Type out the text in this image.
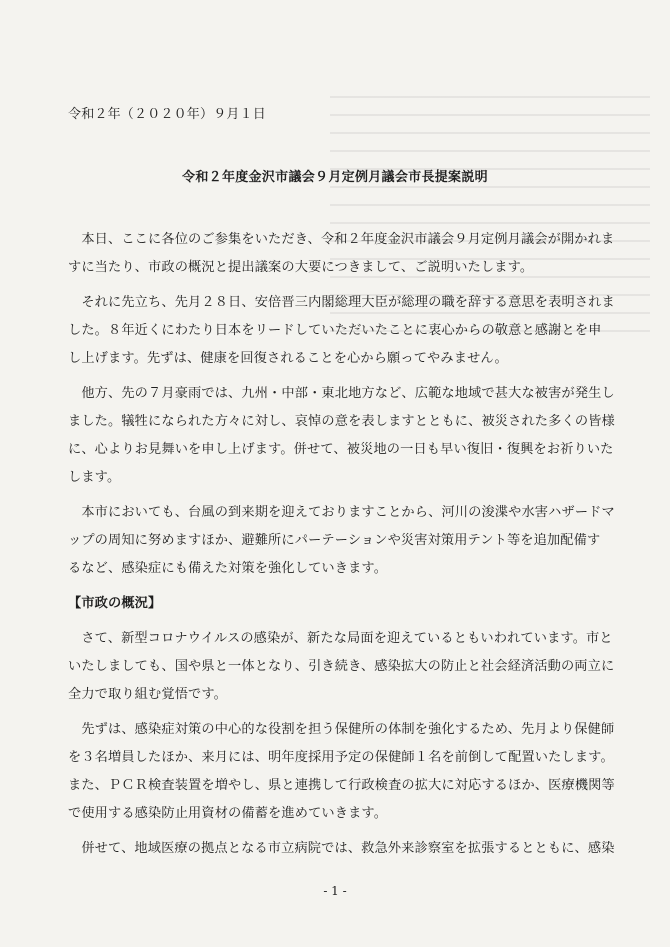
令和２年（２０２０年）９月１日
令和２年度金沢市議会９月定例月議会市長提案説明
　本日、ここに各位のご参集をいただき、令和２年度金沢市議会９月定例月議会が開かれま
すに当たり、市政の概況と提出議案の大要につきまして、ご説明いたします。
　それに先立ち、先月２８日、安倍晋三内閣総理大臣が総理の職を辞する意思を表明されま
した。８年近くにわたり日本をリードしていただいたことに衷心からの敬意と感謝とを申
し上げます。先ずは、健康を回復されることを心から願ってやみません。
　他方、先の７月豪雨では、九州・中部・東北地方など、広範な地域で甚大な被害が発生し
ました。犠牲になられた方々に対し、哀悼の意を表しますとともに、被災された多くの皆様
に、心よりお見舞いを申し上げます。併せて、被災地の一日も早い復旧・復興をお祈りいた
します。
　本市においても、台風の到来期を迎えておりますことから、河川の浚渫や水害ハザードマ
ップの周知に努めますほか、避難所にパーテーションや災害対策用テント等を追加配備す
るなど、感染症にも備えた対策を強化していきます。
【市政の概況】
　さて、新型コロナウイルスの感染が、新たな局面を迎えているともいわれています。市と
いたしましても、国や県と一体となり、引き続き、感染拡大の防止と社会経済活動の両立に
全力で取り組む覚悟です。
　先ずは、感染症対策の中心的な役割を担う保健所の体制を強化するため、先月より保健師
を３名増員したほか、来月には、明年度採用予定の保健師１名を前倒して配置いたします。
また、ＰＣＲ検査装置を増やし、県と連携して行政検査の拡大に対応するほか、医療機関等
で使用する感染防止用資材の備蓄を進めていきます。
　併せて、地域医療の拠点となる市立病院では、救急外来診察室を拡張するとともに、感染
- 1 -
